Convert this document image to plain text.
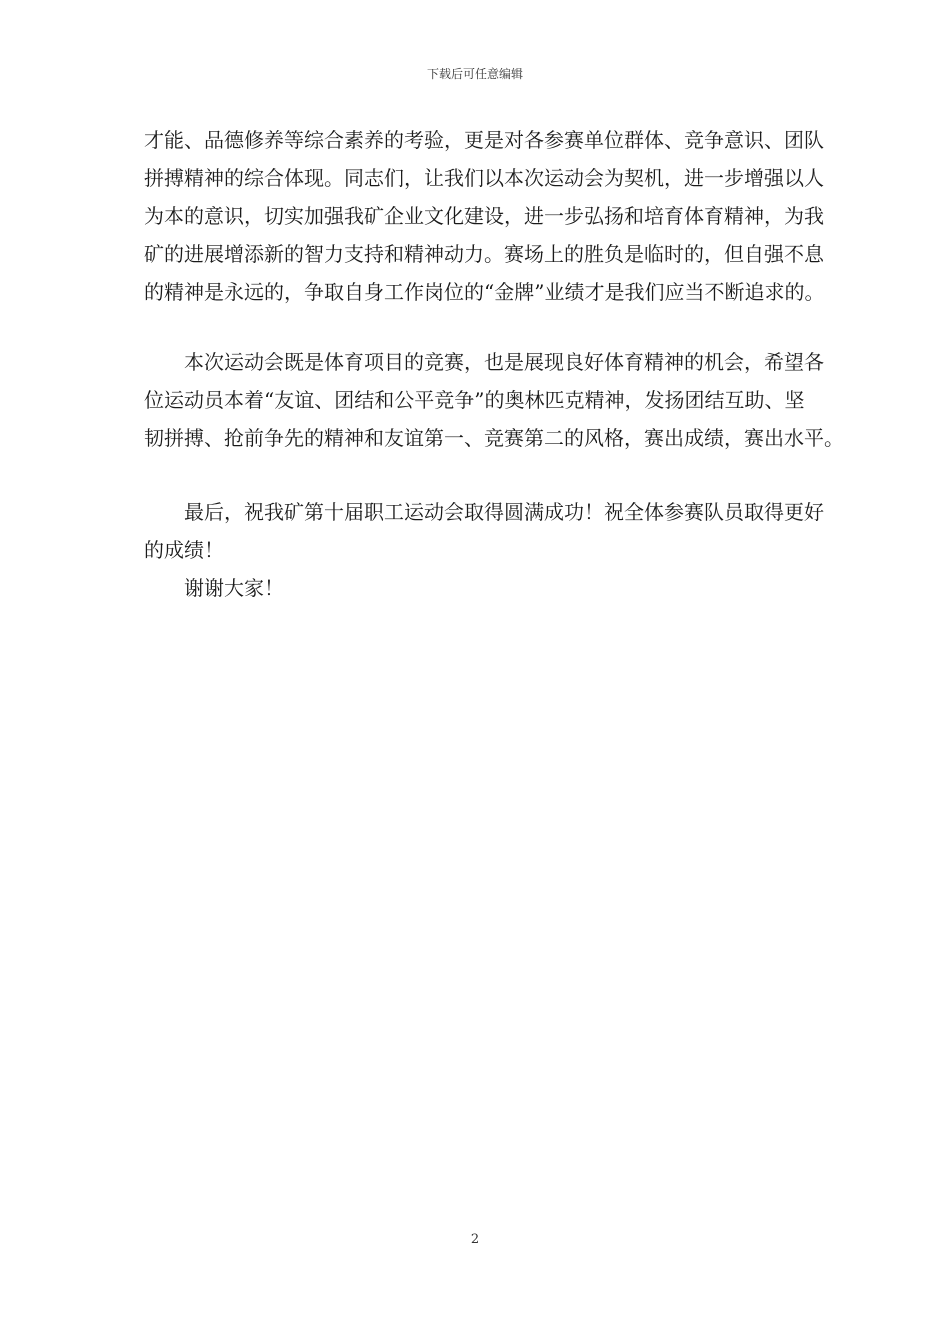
下载后可任意编辑
才能、品德修养等综合素养的考验，更是对各参赛单位群体、竞争意识、团队
拼搏精神的综合体现。同志们，让我们以本次运动会为契机，进一步增强以人
为本的意识，切实加强我矿企业文化建设，进一步弘扬和培育体育精神，为我
矿的进展增添新的智力支持和精神动力。赛场上的胜负是临时的，但自强不息
的精神是永远的，争取自身工作岗位的“金牌”业绩才是我们应当不断追求的。
本次运动会既是体育项目的竞赛，也是展现良好体育精神的机会，希望各
位运动员本着“友谊、团结和公平竞争”的奥林匹克精神，发扬团结互助、坚
韧拼搏、抢前争先的精神和友谊第一、竞赛第二的风格，赛出成绩，赛出水平。
最后，祝我矿第十届职工运动会取得圆满成功！祝全体参赛队员取得更好
的成绩！
谢谢大家！
2
